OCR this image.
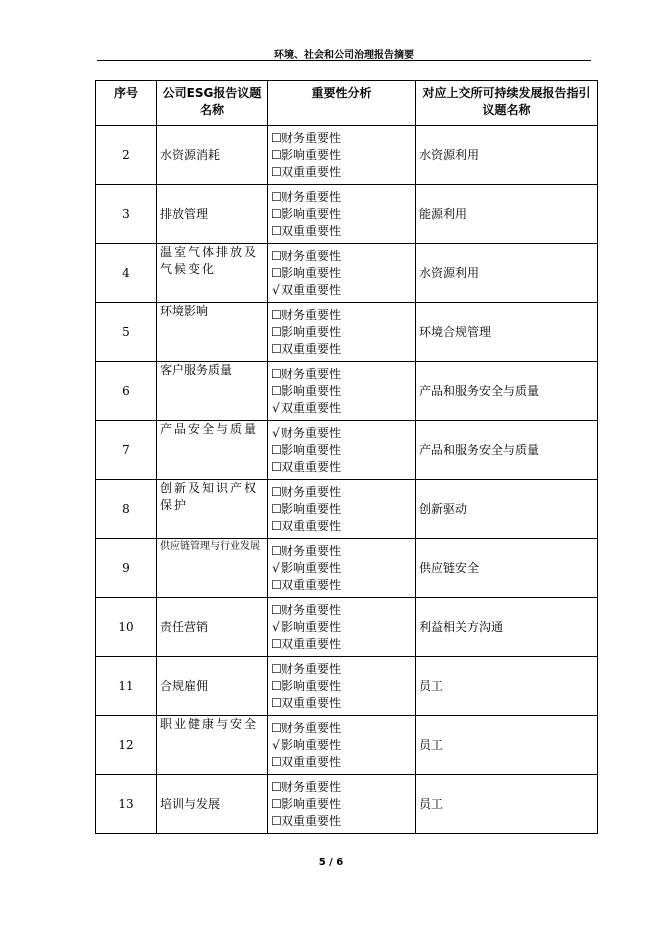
环境、社会和公司治理报告摘要
序号	公司ESG报告议题名称	重要性分析	对应上交所可持续发展报告指引议题名称
2	水资源消耗	☐财务重要性
☐影响重要性
☐双重重要性	水资源利用
3	排放管理	☐财务重要性
☐影响重要性
☐双重重要性	能源利用
4	温室气体排放及气候变化	☐财务重要性
☐影响重要性
√双重重要性	水资源利用
5	环境影响	☐财务重要性
☐影响重要性
☐双重重要性	环境合规管理
6	客户服务质量	☐财务重要性
☐影响重要性
√双重重要性	产品和服务安全与质量
7	产品安全与质量	√财务重要性
☐影响重要性
☐双重重要性	产品和服务安全与质量
8	创新及知识产权保护	☐财务重要性
☐影响重要性
☐双重重要性	创新驱动
9	供应链管理与行业发展	☐财务重要性
√影响重要性
☐双重重要性	供应链安全
10	责任营销	☐财务重要性
√影响重要性
☐双重重要性	利益相关方沟通
11	合规雇佣	☐财务重要性
☐影响重要性
☐双重重要性	员工
12	职业健康与安全	☐财务重要性
√影响重要性
☐双重重要性	员工
13	培训与发展	☐财务重要性
☐影响重要性
☐双重重要性	员工
5 / 6
